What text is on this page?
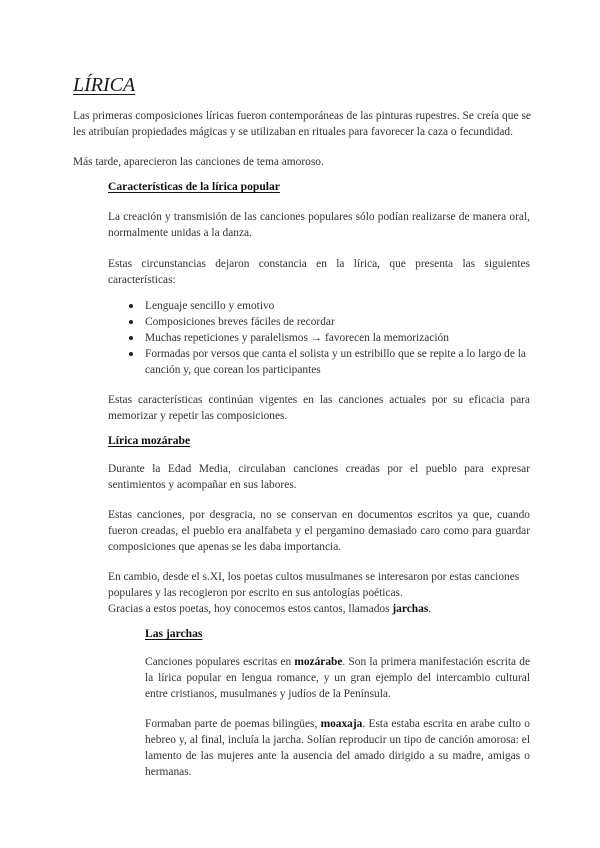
LÍRICA

Las primeras composiciones líricas fueron contemporáneas de las pinturas rupestres. Se creía que se les atribuían propiedades mágicas y se utilizaban en rituales para favorecer la caza o fecundidad.

Más tarde, aparecieron las canciones de tema amoroso.

Características de la lírica popular

La creación y transmisión de las canciones populares sólo podían realizarse de manera oral, normalmente unidas a la danza.

Estas circunstancias dejaron constancia en la lírica, que presenta las siguientes características:

Lenguaje sencillo y emotivo
Composiciones breves fáciles de recordar
Muchas repeticiones y paralelismos → favorecen la memorización
Formadas por versos que canta el solista y un estribillo que se repite a lo largo de la canción y, que corean los participantes

Estas características continúan vigentes en las canciones actuales por su eficacia para memorizar y repetir las composiciones.

Lírica mozárabe

Durante la Edad Media, circulaban canciones creadas por el pueblo para expresar sentimientos y acompañar en sus labores.

Estas canciones, por desgracia, no se conservan en documentos escritos ya que, cuando fueron creadas, el pueblo era analfabeta y el pergamino demasiado caro como para guardar composiciones que apenas se les daba importancia.

En cambio, desde el s.XI, los poetas cultos musulmanes se interesaron por estas canciones populares y las recogieron por escrito en sus antologías poéticas.
Gracias a estos poetas, hoy conocemos estos cantos, llamados jarchas.

Las jarchas

Canciones populares escritas en mozárabe. Son la primera manifestación escrita de la lírica popular en lengua romance, y un gran ejemplo del intercambio cultural entre cristianos, musulmanes y judíos de la Península.

Formaban parte de poemas bilingües, moaxaja. Esta estaba escrita en arabe culto o hebreo y, al final, incluía la jarcha. Solían reproducir un tipo de canción amorosa: el lamento de las mujeres ante la ausencia del amado dirigido a su madre, amigas o hermanas.
